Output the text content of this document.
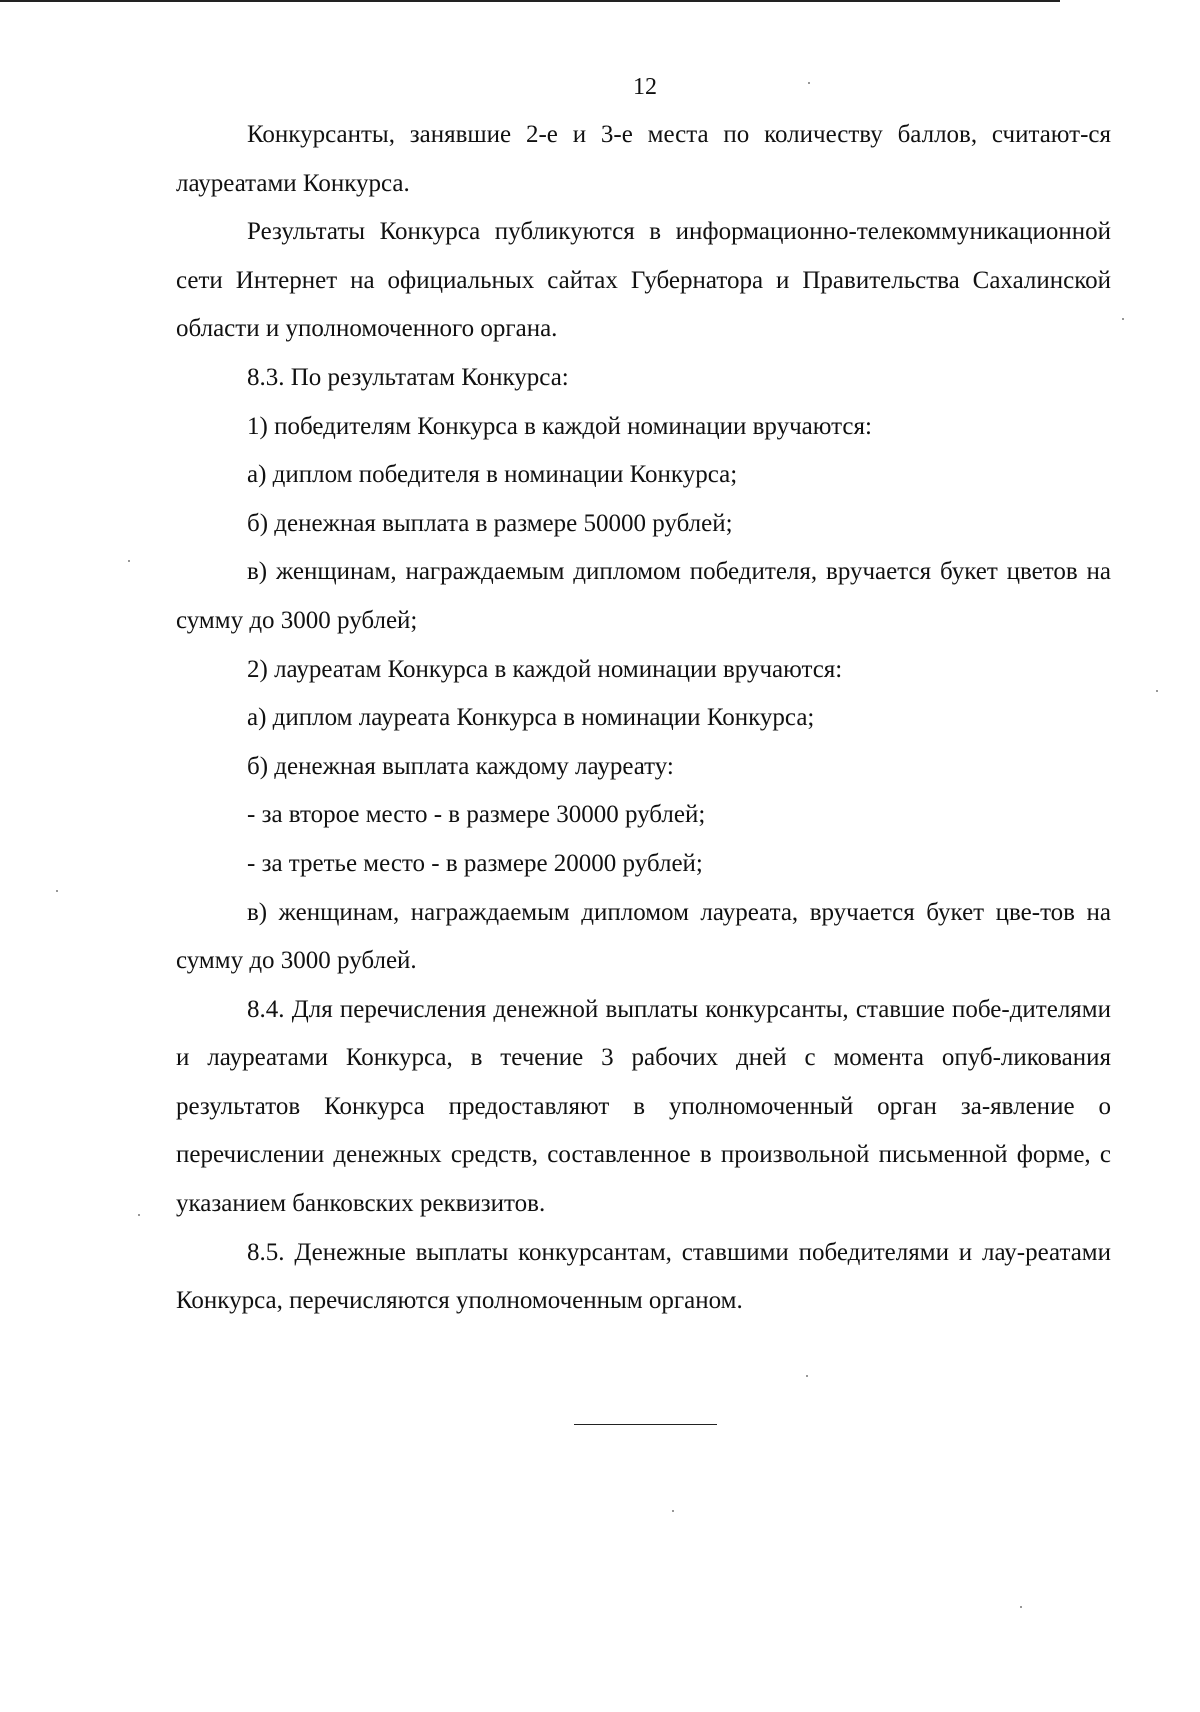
12

Конкурсанты, занявшие 2-е и 3-е места по количеству баллов, считают-ся лауреатами Конкурса.

Результаты Конкурса публикуются в информационно-телекоммуникационной сети Интернет на официальных сайтах Губернатора и Правительства Сахалинской области и уполномоченного органа.

8.3. По результатам Конкурса:

1) победителям Конкурса в каждой номинации вручаются:

а) диплом победителя в номинации Конкурса;

б) денежная выплата в размере 50000 рублей;

в) женщинам, награждаемым дипломом победителя, вручается букет цветов на сумму до 3000 рублей;

2) лауреатам Конкурса в каждой номинации вручаются:

а) диплом лауреата Конкурса в номинации Конкурса;

б) денежная выплата каждому лауреату:

- за второе место - в размере 30000 рублей;

- за третье место - в размере 20000 рублей;

в) женщинам, награждаемым дипломом лауреата, вручается букет цве-тов на сумму до 3000 рублей.

8.4. Для перечисления денежной выплаты конкурсанты, ставшие побе-дителями и лауреатами Конкурса, в течение 3 рабочих дней с момента опуб-ликования результатов Конкурса предоставляют в уполномоченный орган за-явление о перечислении денежных средств, составленное в произвольной письменной форме, с указанием банковских реквизитов.

8.5. Денежные выплаты конкурсантам, ставшими победителями и лау-реатами Конкурса, перечисляются уполномоченным органом.
